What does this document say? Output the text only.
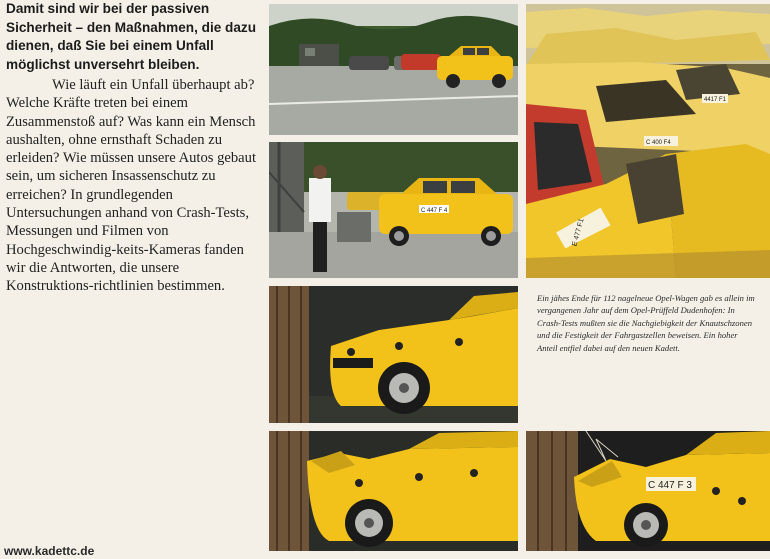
Damit sind wir bei der passiven Sicherheit – den Maßnahmen, die dazu dienen, daß Sie bei einem Unfall möglichst unversehrt bleiben.

Wie läuft ein Unfall überhaupt ab? Welche Kräfte treten bei einem Zusammenstoß auf? Was kann ein Mensch aushalten, ohne ernsthaft Schaden zu erleiden? Wie müssen unsere Autos gebaut sein, um sicheren Insassenschutz zu erreichen? In grundlegenden Untersuchungen anhand von Crash-Tests, Messungen und Filmen von Hochgeschwindig-keits-Kameras fanden wir die Antworten, die unsere Konstruktions-richtlinien bestimmen.

www.kadettc.de
C 447 F 4
4417 F1
C 400 F4
E 477 F1

Ein jähes Ende für 112 nagelneue Opel-Wagen gab es allein im vergangenen Jahr auf dem Opel-Prüffeld Dudenhofen: In Crash-Tests mußten sie die Nachgiebigkeit der Knautschzonen und die Festigkeit der Fahrgastzellen beweisen. Ein hoher Anteil entfiel dabei auf den neuen Kadett.

C 447 F 3
